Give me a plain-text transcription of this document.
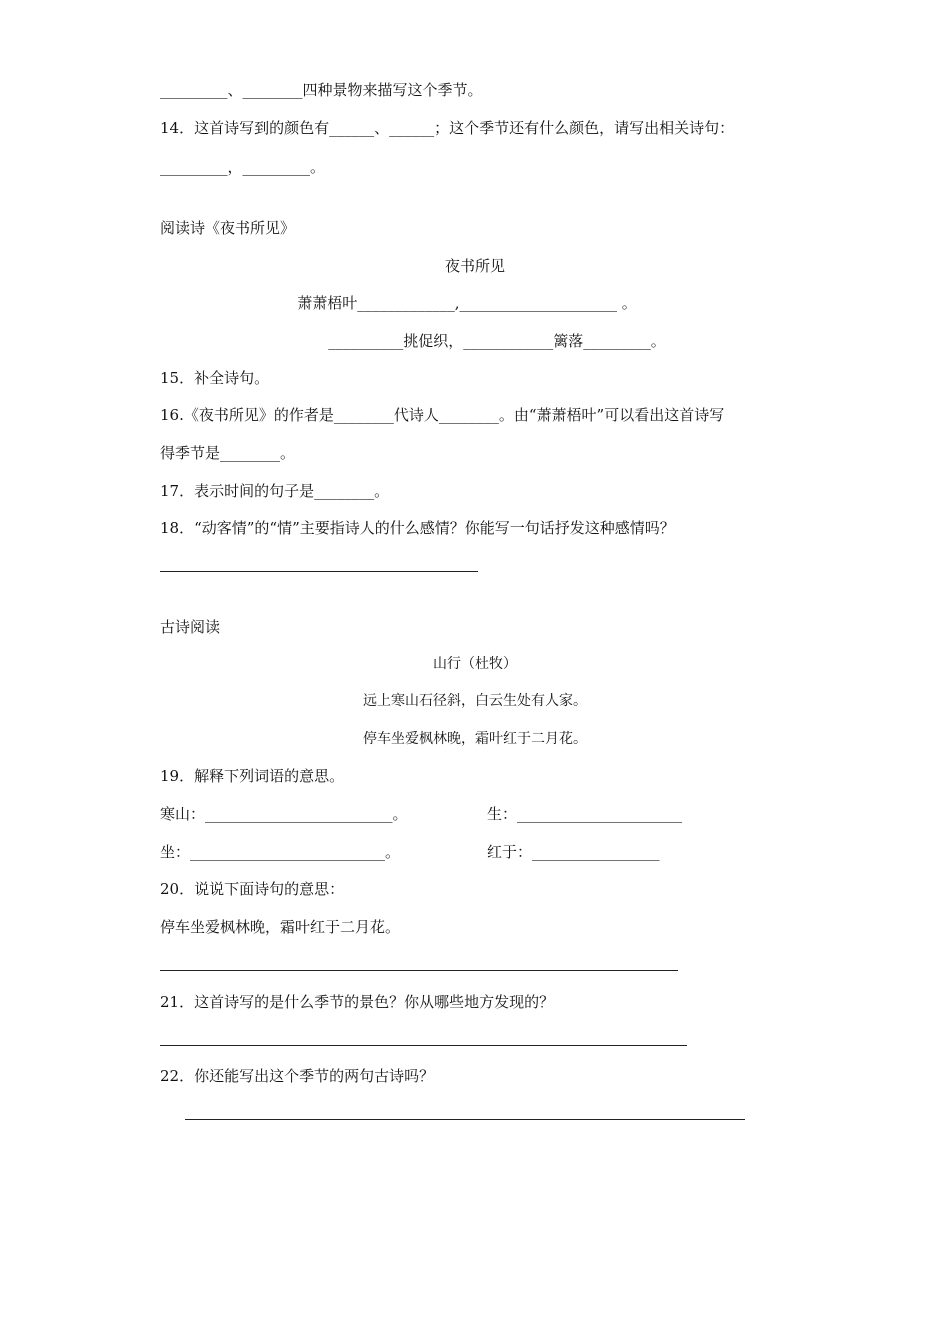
_________、________四种景物来描写这个季节。
14．这首诗写到的颜色有______、______；这个季节还有什么颜色，请写出相关诗句：
_________，_________。
阅读诗《夜书所见》
夜书所见
萧萧梧叶_____________,_____________________ 。
__________挑促织，____________篱落_________。
15．补全诗句。
16.《夜书所见》的作者是________代诗人________。由“萧萧梧叶”可以看出这首诗写
得季节是________。
17．表示时间的句子是________。
18．“动客情”的“情”主要指诗人的什么感情？你能写一句话抒发这种感情吗？
古诗阅读
山行（杜牧）
远上寒山石径斜，白云生处有人家。
停车坐爱枫林晚，霜叶红于二月花。
19．解释下列词语的意思。
寒山：_________________________。	生：______________________
坐：__________________________。	红于：_________________
20．说说下面诗句的意思：
停车坐爱枫林晚，霜叶红于二月花。
21．这首诗写的是什么季节的景色？你从哪些地方发现的？
22．你还能写出这个季节的两句古诗吗？
